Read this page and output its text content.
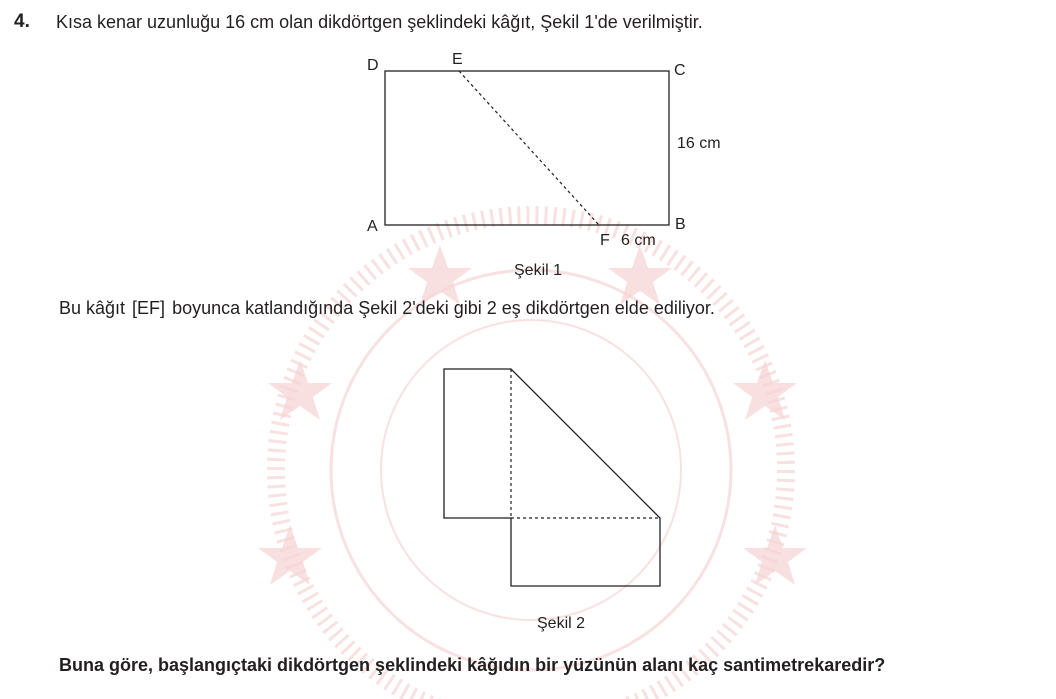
4. Kısa kenar uzunluğu 16 cm olan dikdörtgen şeklindeki kâğıt, Şekil 1'de verilmiştir.
D	E
C
16 cm
A	B
F 6 cm
Şekil 1
Bu kâğıt [EF] boyunca katlandığında Şekil 2'deki gibi 2 eş dikdörtgen elde ediliyor.
Şekil 2
Buna göre, başlangıçtaki dikdörtgen şeklindeki kâğıdın bir yüzünün alanı kaç santimetrekaredir?
